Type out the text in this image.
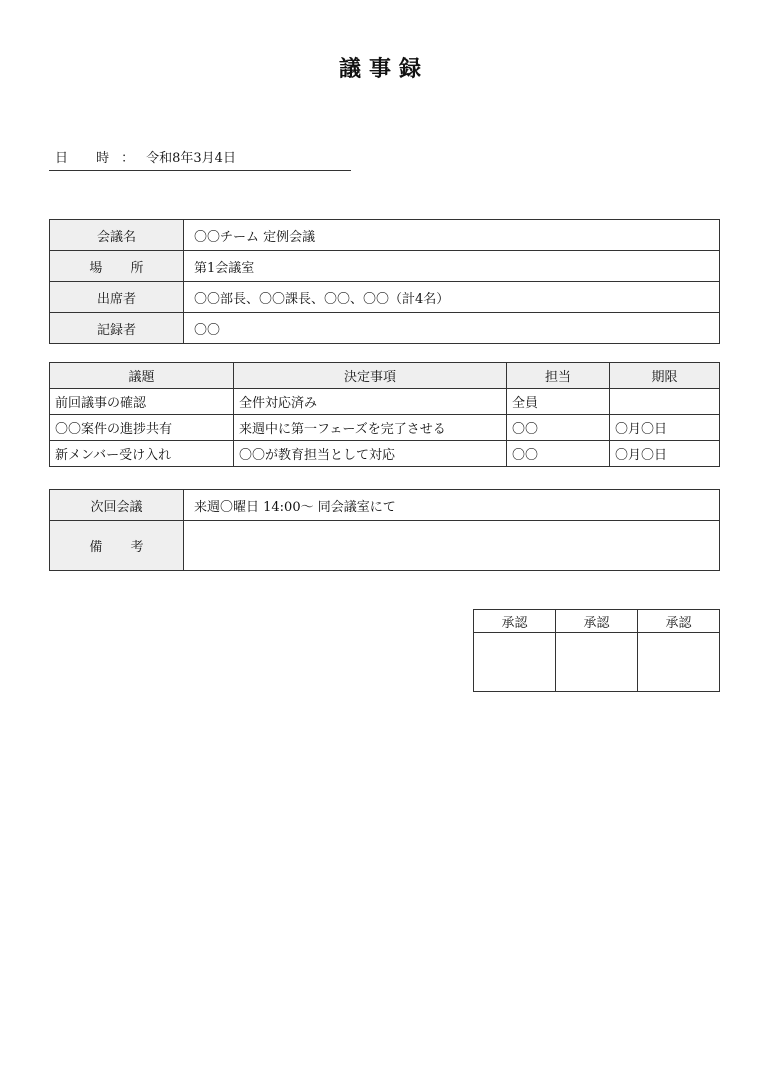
議事録
日 時：令和8年3月4日
会議名	〇〇チーム 定例会議
場 所	第1会議室
出席者	〇〇部長、〇〇課長、〇〇、〇〇（計4名）
記録者	〇〇
議題	決定事項	担当	期限
前回議事の確認	全件対応済み	全員	
〇〇案件の進捗共有	来週中に第一フェーズを完了させる	〇〇	〇月〇日
新メンバー受け入れ	〇〇が教育担当として対応	〇〇	〇月〇日
次回会議	来週〇曜日 14:00〜 同会議室にて
備 考	
承認	承認	承認
